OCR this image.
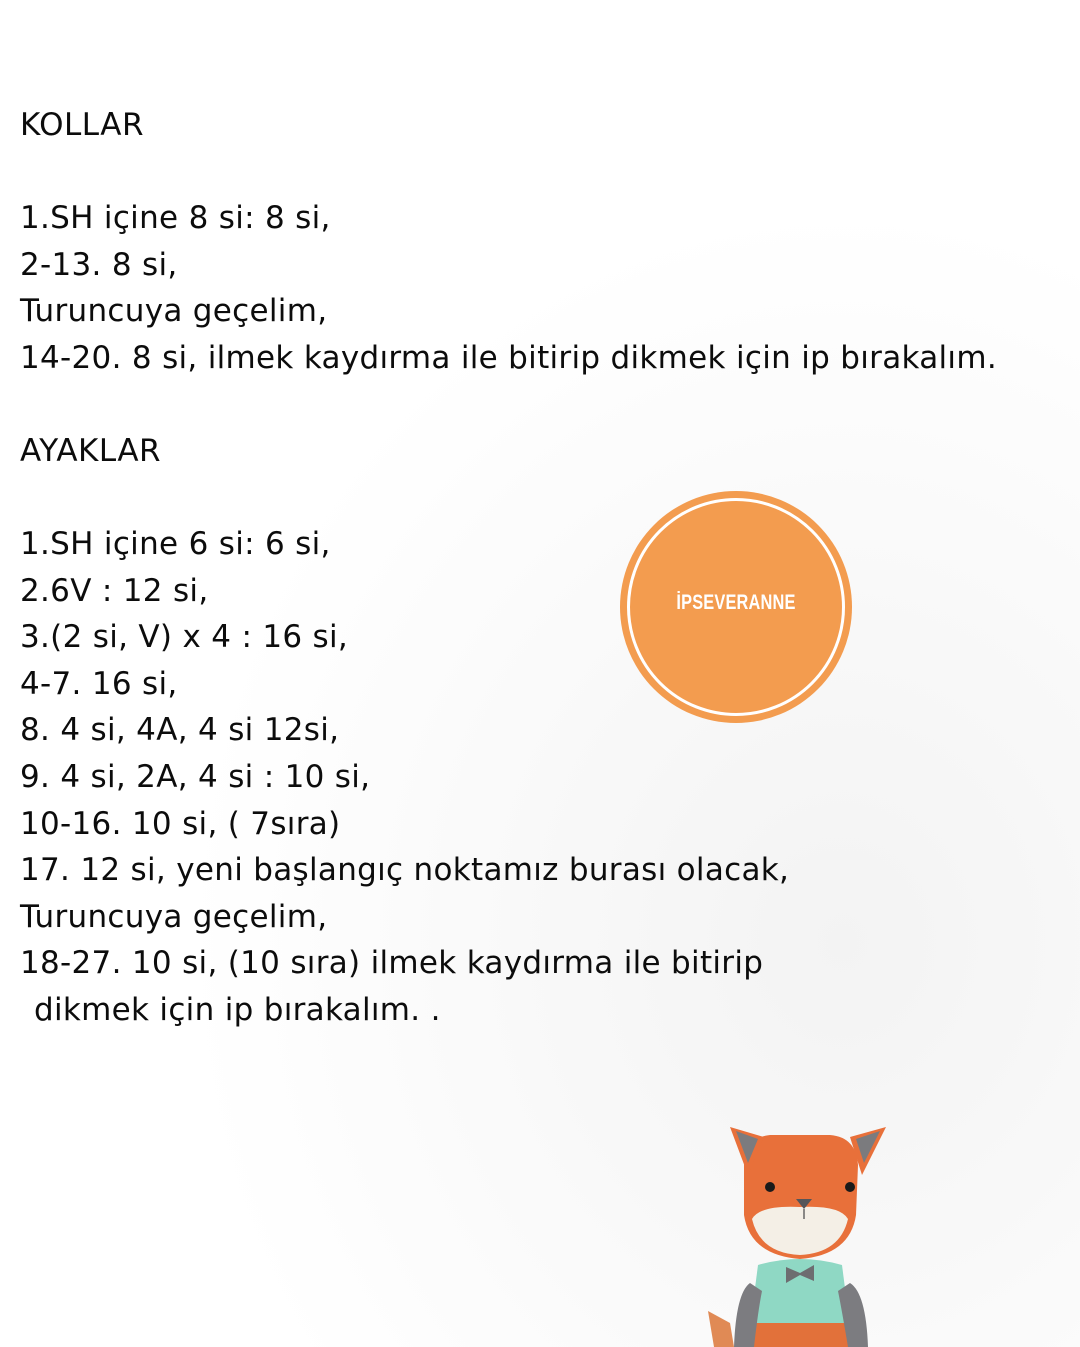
KOLLAR
1.SH içine 8 si: 8 si,
2-13. 8 si,
Turuncuya geçelim,
14-20. 8 si, ilmek kaydırma ile bitirip dikmek için ip bırakalım.
AYAKLAR
1.SH içine 6 si: 6 si,
2.6V : 12 si,
3.(2 si, V) x 4 : 16 si,
4-7. 16 si,
8. 4 si, 4A, 4 si 12si,
9. 4 si, 2A, 4 si : 10 si,
10-16. 10 si, ( 7sıra)
17. 12 si, yeni başlangıç noktamız burası olacak,
Turuncuya geçelim,
18-27. 10 si, (10 sıra) ilmek kaydırma ile bitirip
dikmek için ip bırakalım. .
İPSEVERANNE
